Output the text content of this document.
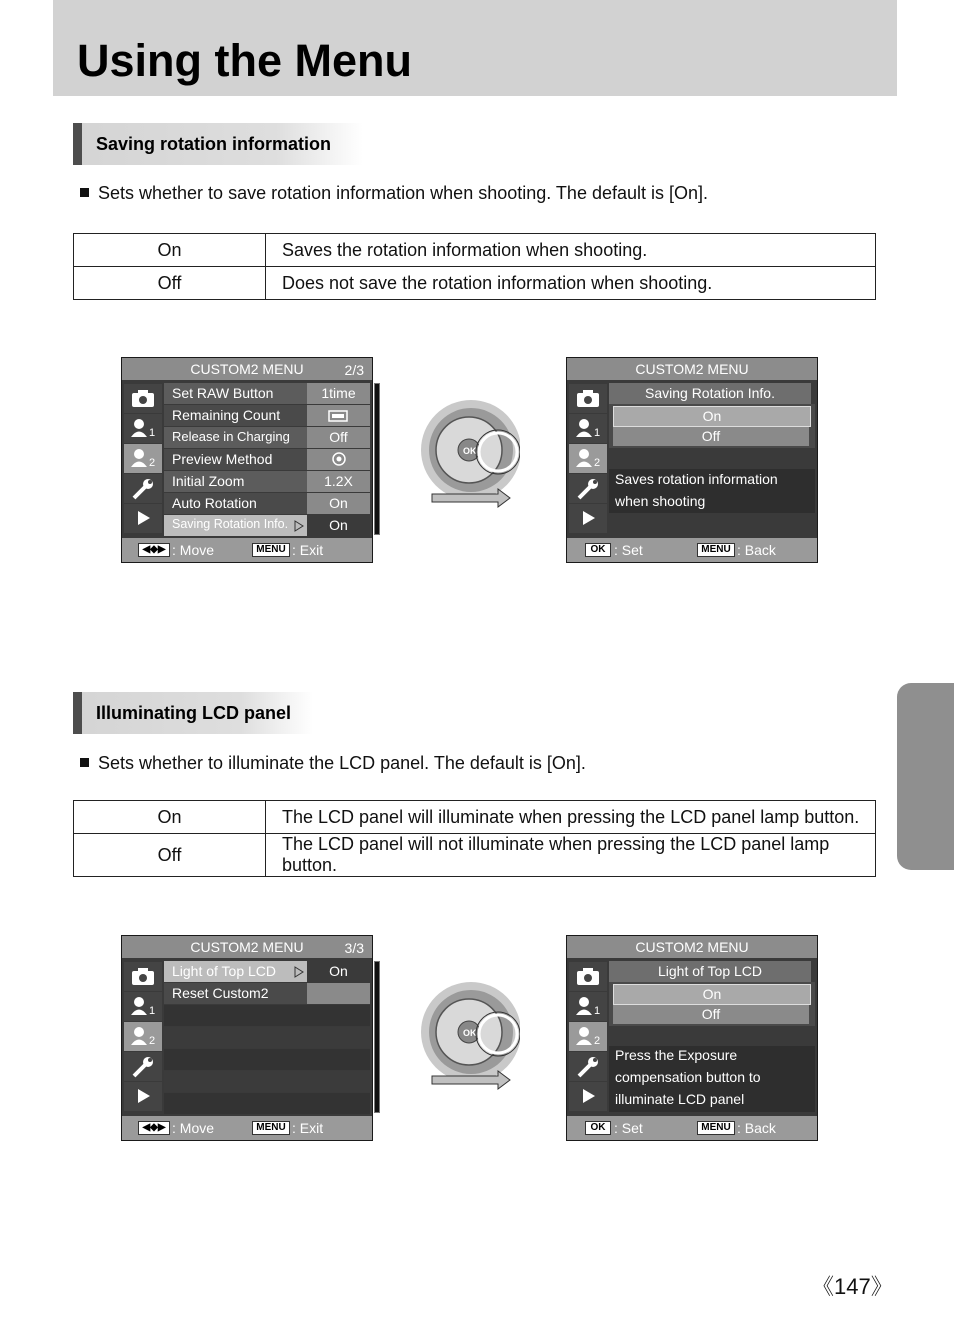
Using the Menu
Saving rotation information
Sets whether to save rotation information when shooting. The default is [On].
On	Saves the rotation information when shooting.
Off	Does not save the rotation information when shooting.
CUSTOM2 MENU	2/3
1
2
Set RAW Button	1time
Remaining Count
Release in Charging	Off
Preview Method
Initial Zoom	1.2X
Auto Rotation	On
Saving Rotation Info.	On
◀◆▶ : Move	MENU : Exit
OK
CUSTOM2 MENU
1
2
Saving Rotation Info.
On
Off
Saves rotation information
when shooting
OK : Set	MENU : Back
Illuminating LCD panel
Sets whether to illuminate the LCD panel. The default is [On].
On	The LCD panel will illuminate when pressing the LCD panel lamp button.
Off	The LCD panel will not illuminate when pressing the LCD panel lamp button.
CUSTOM2 MENU	3/3
1
2
Light of Top LCD	On
Reset Custom2
◀◆▶ : Move	MENU : Exit
OK
CUSTOM2 MENU
1
2
Light of Top LCD
On
Off
Press the Exposure
compensation button to
illuminate LCD panel
OK : Set	MENU : Back
《147》
